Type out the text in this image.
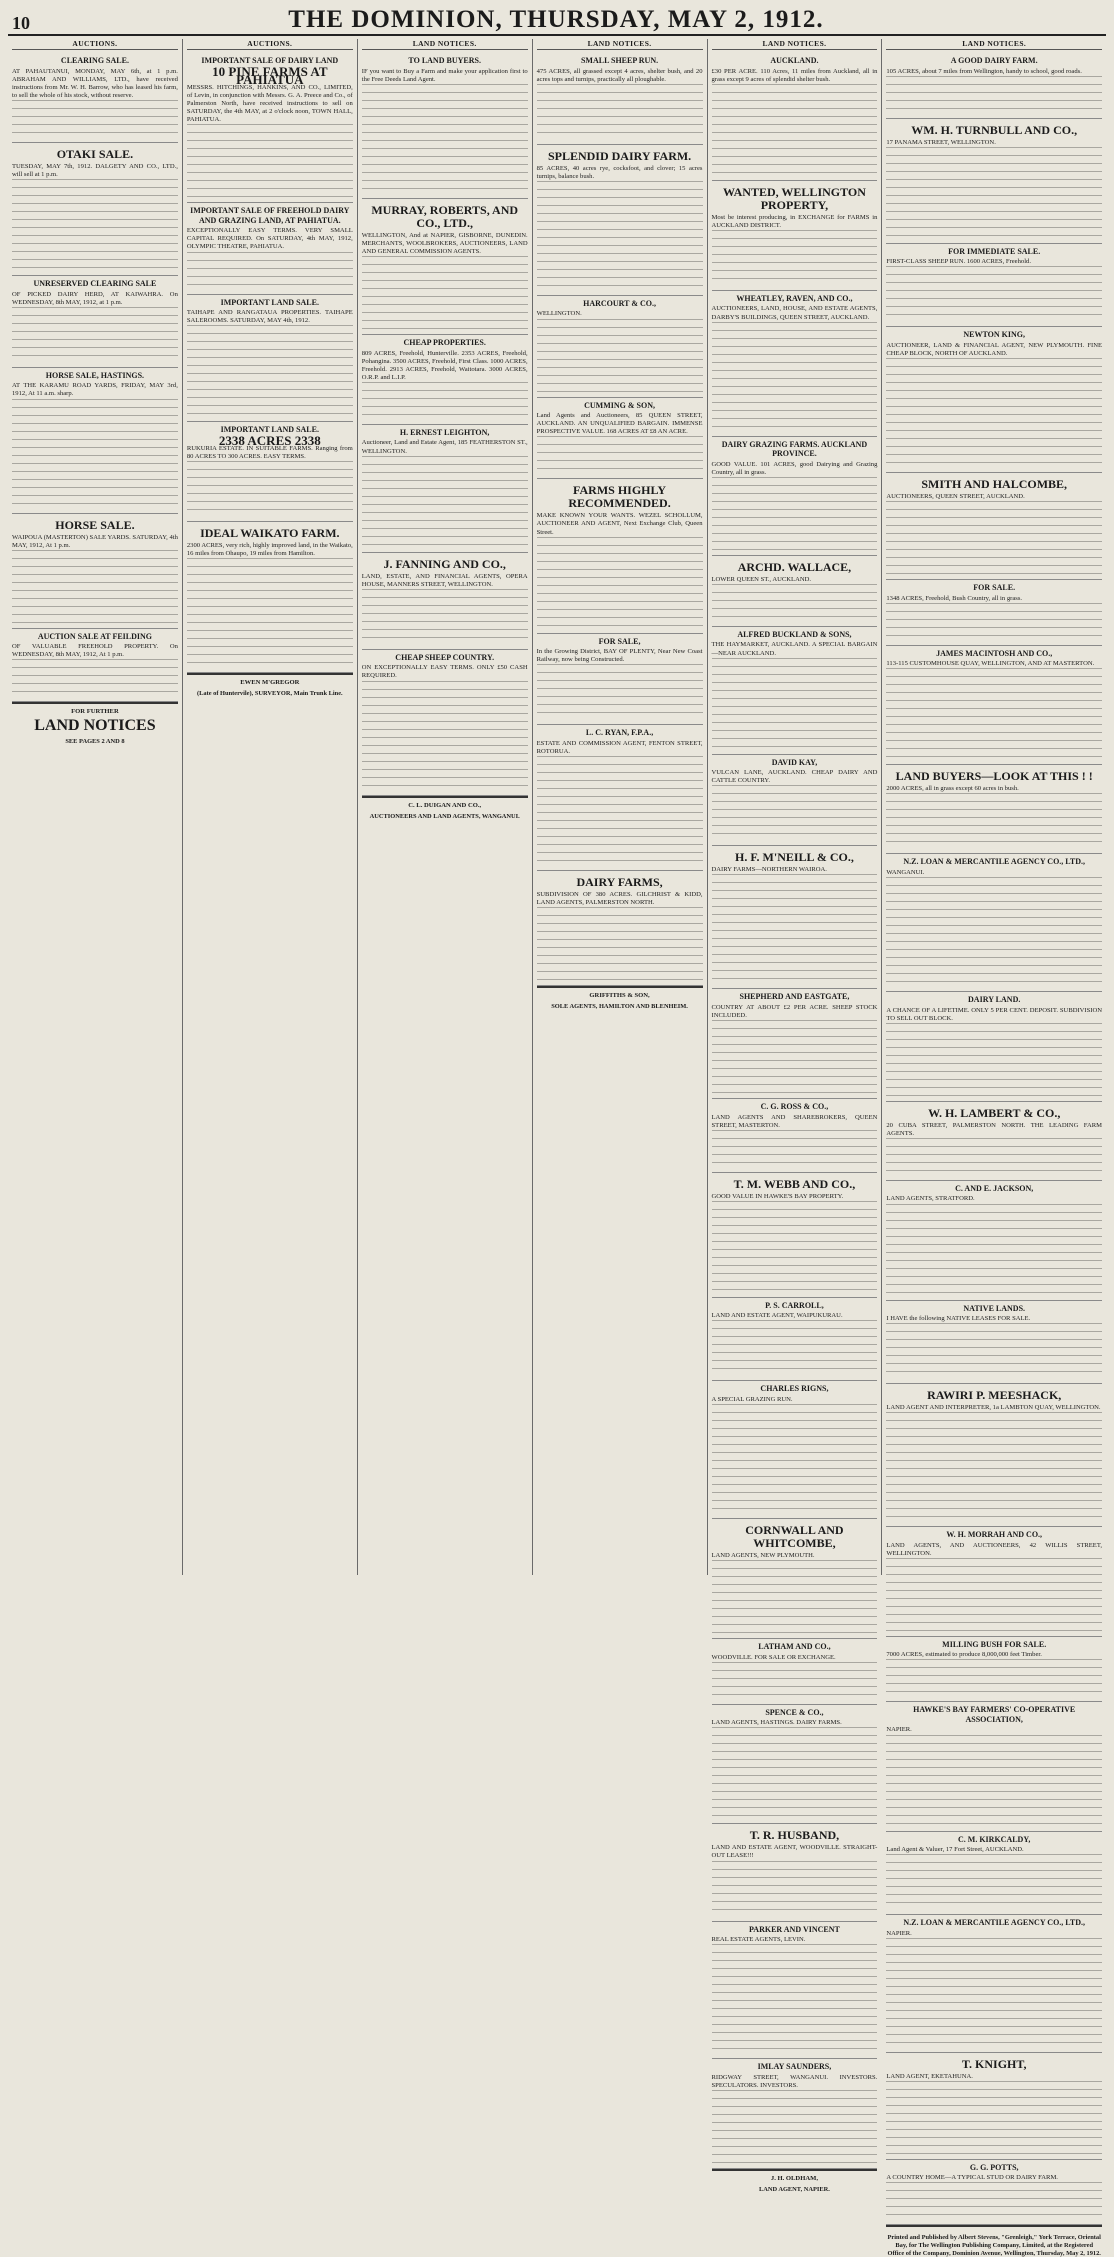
10	THE DOMINION, THURSDAY, MAY 2, 1912.
AUCTIONS.
CLEARING SALE.

AT PAHAUTANUI, MONDAY, MAY 6th, at 1 p.m. ABRAHAM AND WILLIAMS, LTD., have received instructions from Mr. W. H. Barrow, who has leased his farm, to sell the whole of his stock, without reserve.

OTAKI SALE.

TUESDAY, MAY 7th, 1912. DALGETY AND CO., LTD., will sell at 1 p.m.

UNRESERVED CLEARING SALE

OF PICKED DAIRY HERD, AT KAIWAHRA. On WEDNESDAY, 8th MAY, 1912, at 1 p.m.

HORSE SALE, HASTINGS.

AT THE KARAMU ROAD YARDS, FRIDAY, MAY 3rd, 1912, At 11 a.m. sharp.

HORSE SALE.

WAIPOUA (MASTERTON) SALE YARDS. SATURDAY, 4th MAY, 1912, At 1 p.m.

AUCTION SALE AT FEILDING

OF VALUABLE FREEHOLD PROPERTY. On WEDNESDAY, 8th MAY, 1912, At 1 p.m.

FOR FURTHER
LAND NOTICES
SEE PAGES 2 AND 8
AUCTIONS.
IMPORTANT SALE OF DAIRY LAND
10 PINE FARMS AT PAHIATUA

MESSRS. HITCHINGS, HANKINS, AND CO., LIMITED, of Levin, in conjunction with Messrs. G. A. Preece and Co., of Palmerston North, have received instructions to sell on SATURDAY, the 4th MAY, at 2 o'clock noon, TOWN HALL, PAHIATUA.

IMPORTANT SALE OF FREEHOLD DAIRY AND GRAZING LAND, AT PAHIATUA.

EXCEPTIONALLY EASY TERMS. VERY SMALL CAPITAL REQUIRED. On SATURDAY, 4th MAY, 1912, OLYMPIC THEATRE, PAHIATUA.

IMPORTANT LAND SALE.

TAIHAPE AND RANGATAUA PROPERTIES. TAIHAPE SALEROOMS. SATURDAY, MAY 4th, 1912.

IMPORTANT LAND SALE.
2338 ACRES 2338

RUKURIA ESTATE. IN SUITABLE FARMS. Ranging from 80 ACRES TO 300 ACRES. EASY TERMS.

IDEAL WAIKATO FARM.

2300 ACRES, very rich, highly improved land, in the Waikato, 16 miles from Ohaupo, 19 miles from Hamilton.

EWEN M'GREGOR
(Late of Huntervile), SURVEYOR, Main Trunk Line.
LAND NOTICES.
TO LAND BUYERS.

IF you want to Buy a Farm and make your application first to the Free Deeds Land Agent.

MURRAY, ROBERTS, AND CO., LTD.,

WELLINGTON, And at NAPIER, GISBORNE, DUNEDIN. MERCHANTS, WOOLBROKERS, AUCTIONEERS, LAND AND GENERAL COMMISSION AGENTS.

CHEAP PROPERTIES.

809 ACRES, Freehold, Hunterville. 2353 ACRES, Freehold, Pohangina. 3500 ACRES, Freehold, First Class. 1000 ACRES, Freehold. 2913 ACRES, Freehold, Waitotara. 3000 ACRES, O.R.P. and L.I.P.

H. ERNEST LEIGHTON,

Auctioneer, Land and Estate Agent, 185 FEATHERSTON ST., WELLINGTON.

J. FANNING AND CO.,

LAND, ESTATE, AND FINANCIAL AGENTS, OPERA HOUSE, MANNERS STREET, WELLINGTON.

CHEAP SHEEP COUNTRY.

ON EXCEPTIONALLY EASY TERMS. ONLY £50 CASH REQUIRED.

C. L. DUIGAN AND CO.,
AUCTIONEERS AND LAND AGENTS, WANGANUI.
LAND NOTICES.
SMALL SHEEP RUN.

475 ACRES, all grassed except 4 acres, shelter bush, and 20 acres tops and turnips, practically all ploughable.

SPLENDID DAIRY FARM.

85 ACRES, 40 acres rye, cocksfoot, and clover; 15 acres turnips, balance bush.

HARCOURT & CO.,

WELLINGTON.

CUMMING & SON,

Land Agents and Auctioneers, 85 QUEEN STREET, AUCKLAND. AN UNQUALIFIED BARGAIN. IMMENSE PROSPECTIVE VALUE. 168 ACRES AT £8 AN ACRE.

FARMS HIGHLY RECOMMENDED.

MAKE KNOWN YOUR WANTS. WEZEL SCHOLLUM, AUCTIONEER AND AGENT, Next Exchange Club, Queen Street.

FOR SALE,

In the Growing District, BAY OF PLENTY, Near New Coast Railway, now being Constructed.

L. C. RYAN, F.P.A.,

ESTATE AND COMMISSION AGENT, FENTON STREET, ROTORUA.

DAIRY FARMS,

SUBDIVISION OF 380 ACRES. GILCHRIST & KIDD, LAND AGENTS, PALMERSTON NORTH.

GRIFFITHS & SON,
SOLE AGENTS, HAMILTON AND BLENHEIM.
LAND NOTICES.
AUCKLAND.

£30 PER ACRE. 110 Acres, 11 miles from Auckland, all in grass except 9 acres of splendid shelter bush.

WANTED, WELLINGTON PROPERTY,

Most be interest producing, in EXCHANGE for FARMS in AUCKLAND DISTRICT.

WHEATLEY, RAVEN, AND CO.,

AUCTIONEERS, LAND, HOUSE, AND ESTATE AGENTS, DARBY'S BUILDINGS, QUEEN STREET, AUCKLAND.

DAIRY GRAZING FARMS. AUCKLAND PROVINCE.

GOOD VALUE. 101 ACRES, good Dairying and Grazing Country, all in grass.

ARCHD. WALLACE,

LOWER QUEEN ST., AUCKLAND.

ALFRED BUCKLAND & SONS,

THE HAYMARKET, AUCKLAND. A SPECIAL BARGAIN—NEAR AUCKLAND.

DAVID KAY,

VULCAN LANE, AUCKLAND. CHEAP DAIRY AND CATTLE COUNTRY.

H. F. M'NEILL & CO.,

DAIRY FARMS—NORTHERN WAIROA.

SHEPHERD AND EASTGATE,

COUNTRY AT ABOUT £2 PER ACRE. SHEEP STOCK INCLUDED.

C. G. ROSS & CO.,

LAND AGENTS AND SHAREBROKERS, QUEEN STREET, MASTERTON.

T. M. WEBB AND CO.,

GOOD VALUE IN HAWKE'S BAY PROPERTY.

P. S. CARROLL,

LAND AND ESTATE AGENT, WAIPUKURAU.

CHARLES RIGNS,

A SPECIAL GRAZING RUN.

CORNWALL AND WHITCOMBE,

LAND AGENTS, NEW PLYMOUTH.

LATHAM AND CO.,

WOODVILLE. FOR SALE OR EXCHANGE.

SPENCE & CO.,

LAND AGENTS, HASTINGS. DAIRY FARMS.

T. R. HUSBAND,

LAND AND ESTATE AGENT, WOODVILLE. STRAIGHT-OUT LEASE!!!

PARKER AND VINCENT

REAL ESTATE AGENTS, LEVIN.

IMLAY SAUNDERS,

RIDGWAY STREET, WANGANUI. INVESTORS. SPECULATORS. INVESTORS.

J. H. OLDHAM,
LAND AGENT, NAPIER.
LAND NOTICES.
A GOOD DAIRY FARM.

105 ACRES, about 7 miles from Wellington, handy to school, good roads.

WM. H. TURNBULL AND CO.,

17 PANAMA STREET, WELLINGTON.

FOR IMMEDIATE SALE.

FIRST-CLASS SHEEP RUN. 1600 ACRES, Freehold.

NEWTON KING,

AUCTIONEER, LAND & FINANCIAL AGENT, NEW PLYMOUTH. FINE CHEAP BLOCK, NORTH OF AUCKLAND.

SMITH AND HALCOMBE,

AUCTIONEERS, QUEEN STREET, AUCKLAND.

FOR SALE.

1348 ACRES, Freehold, Bush Country, all in grass.

JAMES MACINTOSH AND CO.,

113-115 CUSTOMHOUSE QUAY, WELLINGTON, AND AT MASTERTON.

LAND BUYERS—LOOK AT THIS ! !

2000 ACRES, all in grass except 60 acres in bush.

N.Z. LOAN & MERCANTILE AGENCY CO., LTD.,

WANGANUI.

DAIRY LAND.

A CHANCE OF A LIFETIME. ONLY 5 PER CENT. DEPOSIT. SUBDIVISION TO SELL OUT BLOCK.

W. H. LAMBERT & CO.,

20 CUBA STREET, PALMERSTON NORTH. THE LEADING FARM AGENTS.

C. AND E. JACKSON,

LAND AGENTS, STRATFORD.

NATIVE LANDS.

I HAVE the following NATIVE LEASES FOR SALE.

RAWIRI P. MEESHACK,

LAND AGENT AND INTERPRETER, 1a LAMBTON QUAY, WELLINGTON.

W. H. MORRAH AND CO.,

LAND AGENTS, AND AUCTIONEERS, 42 WILLIS STREET, WELLINGTON.

MILLING BUSH FOR SALE.

7000 ACRES, estimated to produce 8,000,000 feet Timber.

HAWKE'S BAY FARMERS' CO-OPERATIVE ASSOCIATION,

NAPIER.

C. M. KIRKCALDY,

Land Agent & Valuer, 17 Fort Street, AUCKLAND.

N.Z. LOAN & MERCANTILE AGENCY CO., LTD.,

NAPIER.

T. KNIGHT,

LAND AGENT, EKETAHUNA.

G. G. POTTS,

A COUNTRY HOME—A TYPICAL STUD OR DAIRY FARM.

Printed and Published by Albert Stevens, "Grenleigh," York Terrace, Oriental Bay, for The Wellington Publishing Company, Limited, at the Registered Office of the Company, Dominion Avenue, Wellington, Thursday, May 2, 1912.
